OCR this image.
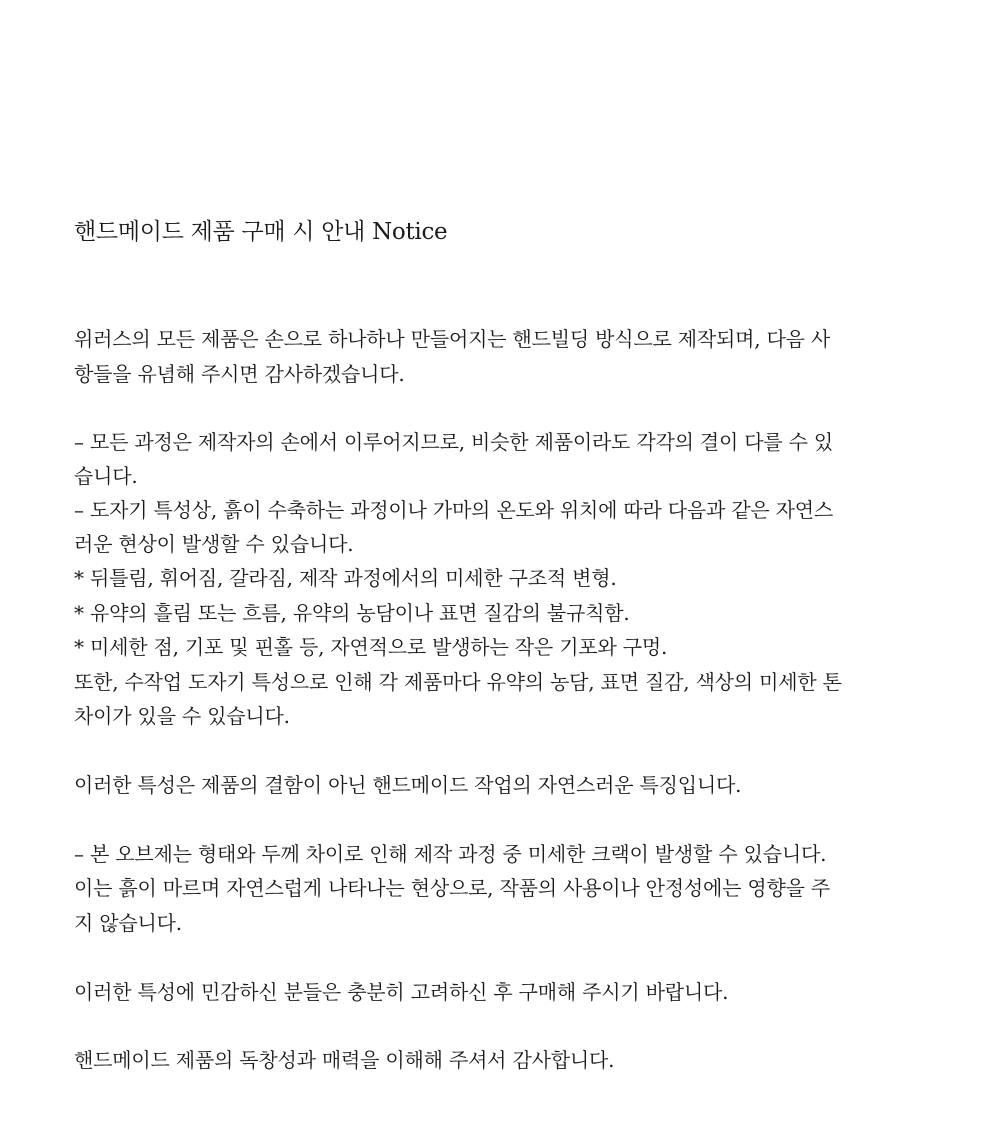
핸드메이드 제품 구매 시 안내 Notice

위러스의 모든 제품은 손으로 하나하나 만들어지는 핸드빌딩 방식으로 제작되며, 다음 사

항들을 유념해 주시면 감사하겠습니다.

– 모든 과정은 제작자의 손에서 이루어지므로, 비슷한 제품이라도 각각의 결이 다를 수 있

습니다.

– 도자기 특성상, 흙이 수축하는 과정이나 가마의 온도와 위치에 따라 다음과 같은 자연스

러운 현상이 발생할 수 있습니다.

* 뒤틀림, 휘어짐, 갈라짐, 제작 과정에서의 미세한 구조적 변형.

* 유약의 흘림 또는 흐름, 유약의 농담이나 표면 질감의 불규칙함.

* 미세한 점, 기포 및 핀홀 등, 자연적으로 발생하는 작은 기포와 구멍.

또한, 수작업 도자기 특성으로 인해 각 제품마다 유약의 농담, 표면 질감, 색상의 미세한 톤

차이가 있을 수 있습니다.

이러한 특성은 제품의 결함이 아닌 핸드메이드 작업의 자연스러운 특징입니다.

– 본 오브제는 형태와 두께 차이로 인해 제작 과정 중 미세한 크랙이 발생할 수 있습니다.

이는 흙이 마르며 자연스럽게 나타나는 현상으로, 작품의 사용이나 안정성에는 영향을 주

지 않습니다.

이러한 특성에 민감하신 분들은 충분히 고려하신 후 구매해 주시기 바랍니다.

핸드메이드 제품의 독창성과 매력을 이해해 주셔서 감사합니다.
